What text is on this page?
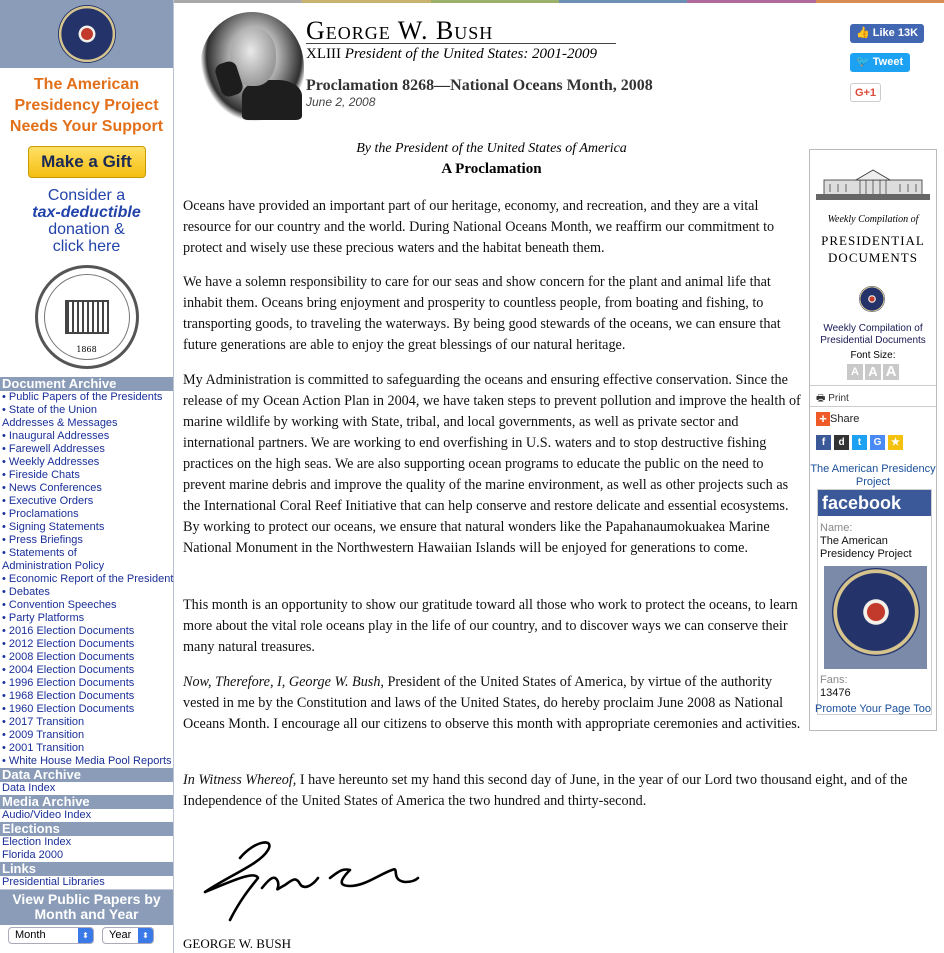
The American
Presidency Project
Needs Your Support
Make a Gift
Consider a
tax-deductible
donation &
click here
1868
Document Archive
• Public Papers of the Presidents
• State of the Union
Addresses & Messages
• Inaugural Addresses
• Farewell Addresses
• Weekly Addresses
• Fireside Chats
• News Conferences
• Executive Orders
• Proclamations
• Signing Statements
• Press Briefings
• Statements of
Administration Policy
• Economic Report of the President
• Debates
• Convention Speeches
• Party Platforms
• 2016 Election Documents
• 2012 Election Documents
• 2008 Election Documents
• 2004 Election Documents
• 1996 Election Documents
• 1968 Election Documents
• 1960 Election Documents
• 2017 Transition
• 2009 Transition
• 2001 Transition
• White House Media Pool Reports
Data Archive
Data Index
Media Archive
Audio/Video Index
Elections
Election Index
Florida 2000
Links
Presidential Libraries
View Public Papers by Month and Year
Month	⬍	Year	⬍
George W. Bush
XLIII President of the United States: 2001-2009
Proclamation 8268—National Oceans Month, 2008
June 2, 2008
👍 Like 13K
🐦 Tweet
G+1
By the President of the United States of America
A Proclamation

Oceans have provided an important part of our heritage, economy, and recreation, and they are a vital resource for our country and the world. During National Oceans Month, we reaffirm our commitment to protect and wisely use these precious waters and the habitat beneath them.

We have a solemn responsibility to care for our seas and show concern for the plant and animal life that inhabit them. Oceans bring enjoyment and prosperity to countless people, from boating and fishing, to transporting goods, to traveling the waterways. By being good stewards of the oceans, we can ensure that future generations are able to enjoy the great blessings of our natural heritage.

My Administration is committed to safeguarding the oceans and ensuring effective conservation. Since the release of my Ocean Action Plan in 2004, we have taken steps to prevent pollution and improve the health of marine wildlife by working with State, tribal, and local governments, as well as private sector and international partners. We are working to end overfishing in U.S. waters and to stop destructive fishing practices on the high seas. We are also supporting ocean programs to educate the public on the need to prevent marine debris and improve the quality of the marine environment, as well as other projects such as the International Coral Reef Initiative that can help conserve and restore delicate and essential ecosystems. By working to protect our oceans, we ensure that natural wonders like the Papahanaumokuakea Marine National Monument in the Northwestern Hawaiian Islands will be enjoyed for generations to come.

This month is an opportunity to show our gratitude toward all those who work to protect the oceans, to learn more about the vital role oceans play in the life of our country, and to discover ways we can conserve their many natural treasures.

Now, Therefore, I, George W. Bush, President of the United States of America, by virtue of the authority vested in me by the Constitution and laws of the United States, do hereby proclaim June 2008 as National Oceans Month. I encourage all our citizens to observe this month with appropriate ceremonies and activities.

In Witness Whereof, I have hereunto set my hand this second day of June, in the year of our Lord two thousand eight, and of the Independence of the United States of America the two hundred and thirty-second.

GEORGE W. BUSH
Weekly Compilation of
PRESIDENTIAL DOCUMENTS
Weekly Compilation of Presidential Documents
Font Size:
A A A
🖶 Print
+ Share
f	d	t	G ★
The American Presidency Project
facebook
Name:
The American Presidency Project
Fans:
13476
Promote Your Page Too
